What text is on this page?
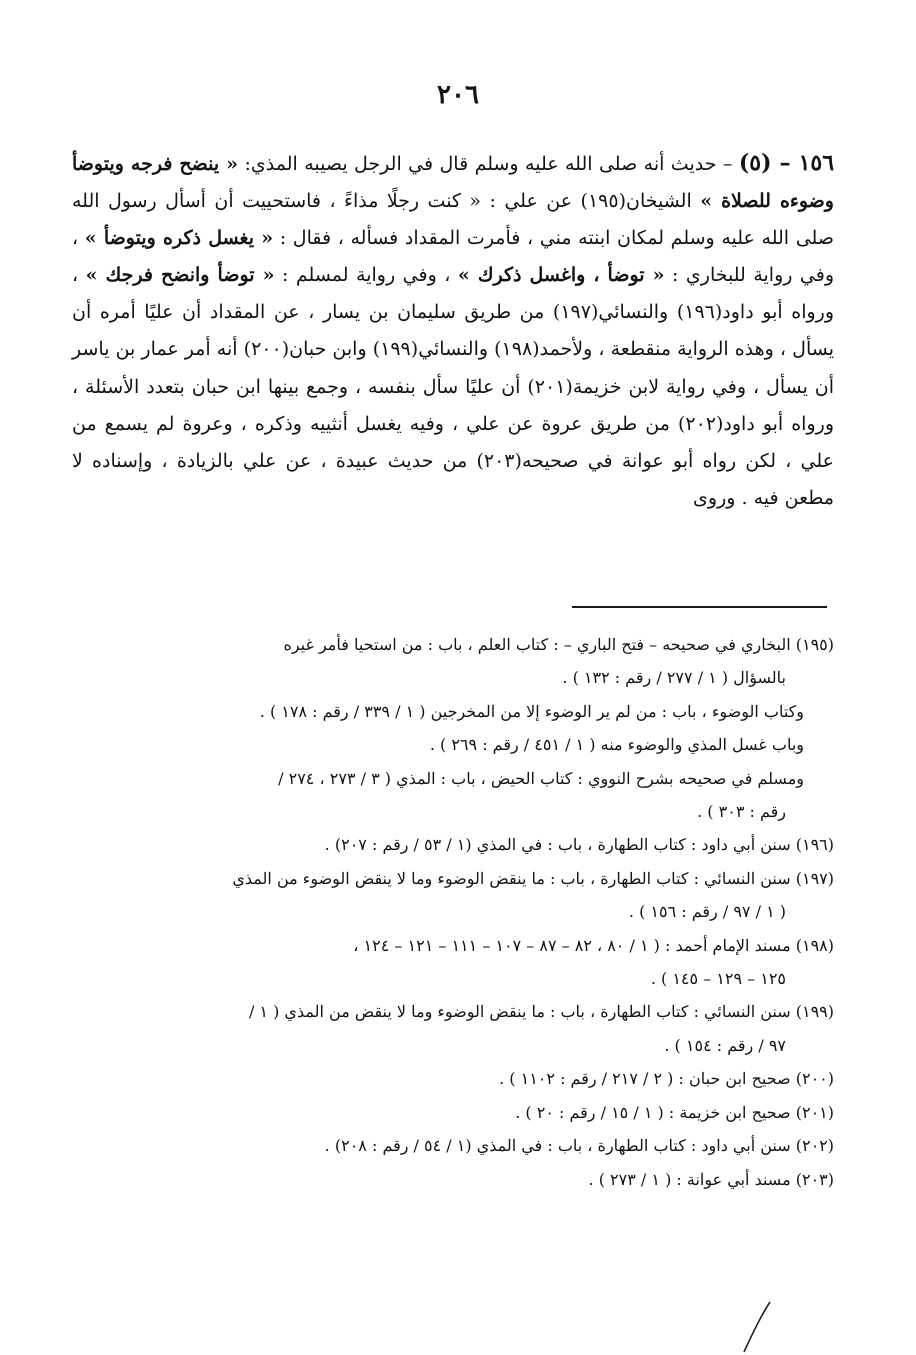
٢٠٦
١٥٦ – (٥) – حديث أنه صلى الله عليه وسلم قال في الرجل يصيبه المذي: « ينضح فرجه ويتوضأ وضوءه للصلاة » الشيخان(١٩٥) عن علي : « كنت رجلًا مذاءً ، فاستحييت أن أسأل رسول الله صلى الله عليه وسلم لمكان ابنته مني ، فأمرت المقداد فسأله ، فقال : « يغسل ذكره ويتوضأ » ، وفي رواية للبخاري : « توضأ ، واغسل ذكرك » ، وفي رواية لمسلم : « توضأ وانضح فرجك » ، ورواه أبو داود(١٩٦) والنسائي(١٩٧) من طريق سليمان بن يسار ، عن المقداد أن عليًا أمره أن يسأل ، وهذه الرواية منقطعة ، ولأحمد(١٩٨) والنسائي(١٩٩) وابن حبان(٢٠٠) أنه أمر عمار بن ياسر أن يسأل ، وفي رواية لابن خزيمة(٢٠١) أن عليًا سأل بنفسه ، وجمع بينها ابن حبان بتعدد الأسئلة ، ورواه أبو داود(٢٠٢) من طريق عروة عن علي ، وفيه يغسل أنثييه وذكره ، وعروة لم يسمع من علي ، لكن رواه أبو عوانة في صحيحه(٢٠٣) من حديث عبيدة ، عن علي بالزيادة ، وإسناده لا مطعن فيه . وروى

(١٩٥) البخاري في صحيحه – فتح الباري – : كتاب العلم ، باب : من استحيا فأمر غيره

بالسؤال ( ١ / ٢٧٧ / رقم : ١٣٢ ) .

وكتاب الوضوء ، باب : من لم ير الوضوء إلا من المخرجين ( ١ / ٣٣٩ / رقم : ١٧٨ ) .

وباب غسل المذي والوضوء منه ( ١ / ٤٥١ / رقم : ٢٦٩ ) .

ومسلم في صحيحه بشرح النووي : كتاب الحيض ، باب : المذي ( ٣ / ٢٧٣ ، ٢٧٤ /

رقم : ٣٠٣ ) .

(١٩٦) سنن أبي داود : كتاب الطهارة ، باب : في المذي (١ / ٥٣ / رقم : ٢٠٧) .

(١٩٧) سنن النسائي : كتاب الطهارة ، باب : ما ينقض الوضوء وما لا ينقض الوضوء من المذي

( ١ / ٩٧ / رقم : ١٥٦ ) .

(١٩٨) مسند الإمام أحمد : ( ١ / ٨٠ ، ٨٢ – ٨٧ – ١٠٧ – ١١١ – ١٢١ – ١٢٤ ،

١٢٥ – ١٢٩ – ١٤٥ ) .

(١٩٩) سنن النسائي : كتاب الطهارة ، باب : ما ينقض الوضوء وما لا ينقض من المذي ( ١ /

٩٧ / رقم : ١٥٤ ) .

(٢٠٠) صحيح ابن حبان : ( ٢ / ٢١٧ / رقم : ١١٠٢ ) .

(٢٠١) صحيح ابن خزيمة : ( ١ / ١٥ / رقم : ٢٠ ) .

(٢٠٢) سنن أبي داود : كتاب الطهارة ، باب : في المذي (١ / ٥٤ / رقم : ٢٠٨) .

(٢٠٣) مسند أبي عوانة : ( ١ / ٢٧٣ ) .
